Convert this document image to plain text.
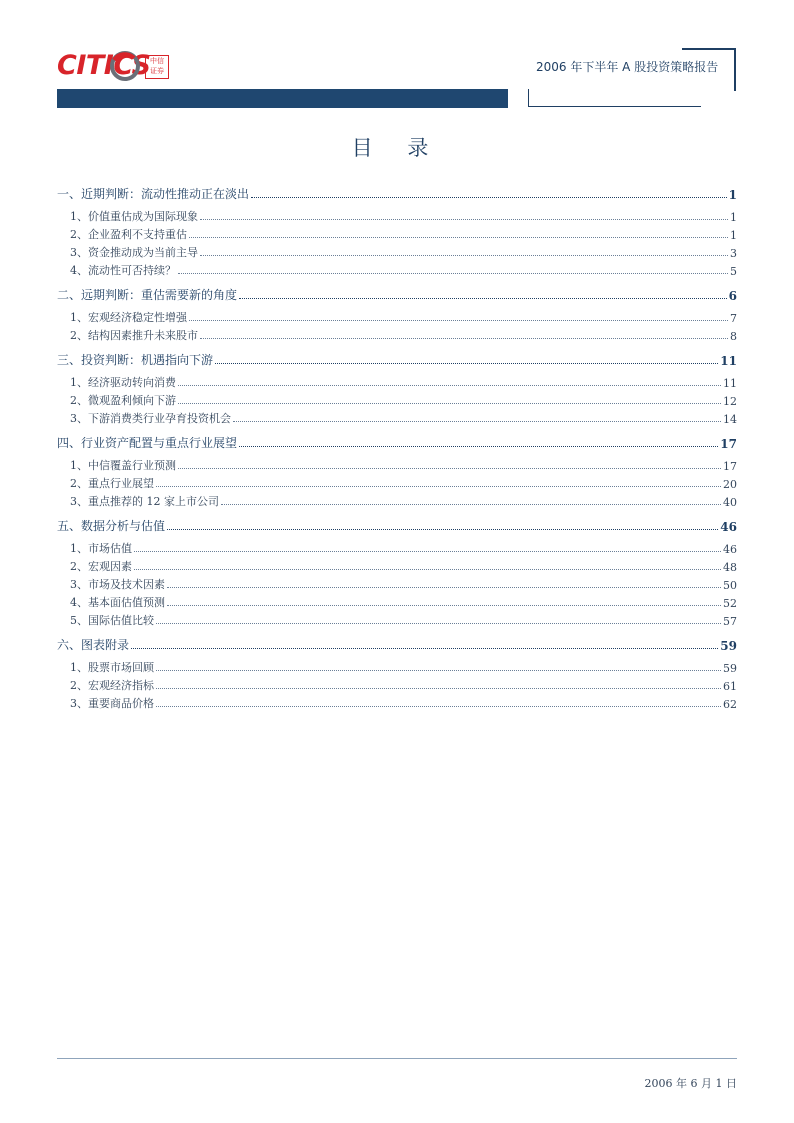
CITICS 中信
证券	2006 年下半年 A 股投资策略报告
目 录
一、近期判断：流动性推动正在淡出	1
1、价值重估成为国际现象	1
2、企业盈利不支持重估	1
3、资金推动成为当前主导	3
4、流动性可否持续？	5
二、远期判断：重估需要新的角度	6
1、宏观经济稳定性增强	7
2、结构因素推升未来股市	8
三、投资判断：机遇指向下游	11
1、经济驱动转向消费	11
2、微观盈利倾向下游	12
3、下游消费类行业孕育投资机会	14
四、行业资产配置与重点行业展望	17
1、中信覆盖行业预测	17
2、重点行业展望	20
3、重点推荐的 12 家上市公司	40
五、数据分析与估值	46
1、市场估值	46
2、宏观因素	48
3、市场及技术因素	50
4、基本面估值预测	52
5、国际估值比较	57
六、图表附录	59
1、股票市场回顾	59
2、宏观经济指标	61
3、重要商品价格	62
2006 年 6 月 1 日
